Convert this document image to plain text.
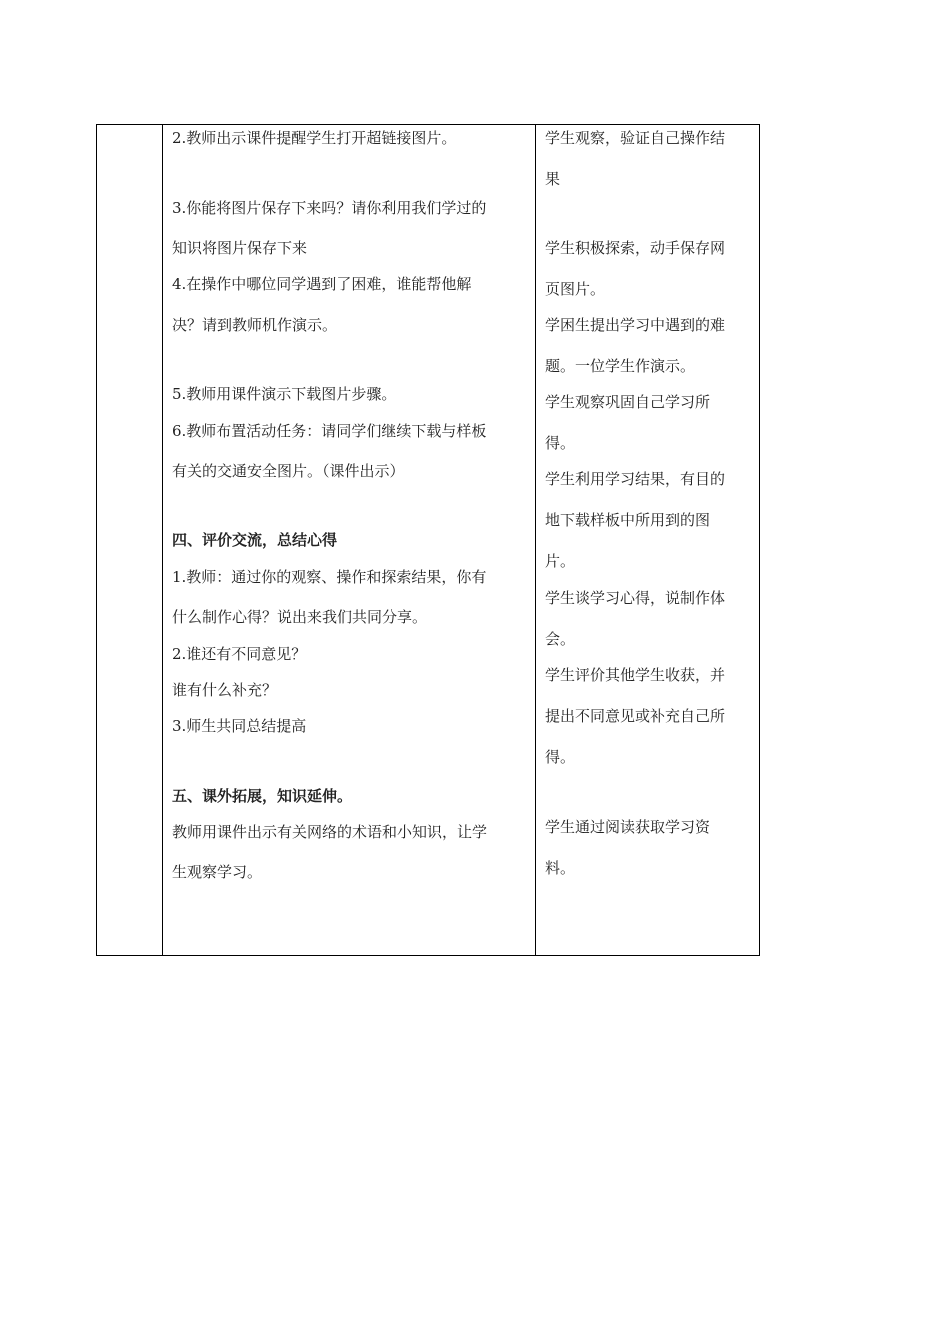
2.教师出示课件提醒学生打开超链接图片。
3.你能将图片保存下来吗？请你利用我们学过的
知识将图片保存下来
4.在操作中哪位同学遇到了困难，谁能帮他解
决？请到教师机作演示。
5.教师用课件演示下载图片步骤。
6.教师布置活动任务：请同学们继续下载与样板
有关的交通安全图片。（课件出示）
四、评价交流，总结心得
1.教师：通过你的观察、操作和探索结果，你有
什么制作心得？说出来我们共同分享。
2.谁还有不同意见？
谁有什么补充？
3.师生共同总结提高
五、课外拓展，知识延伸。
教师用课件出示有关网络的术语和小知识，让学
生观察学习。
学生观察，验证自己操作结
果
学生积极探索，动手保存网
页图片。
学困生提出学习中遇到的难
题。一位学生作演示。
学生观察巩固自己学习所
得。
学生利用学习结果，有目的
地下载样板中所用到的图
片。
学生谈学习心得，说制作体
会。
学生评价其他学生收获，并
提出不同意见或补充自己所
得。
学生通过阅读获取学习资
料。
